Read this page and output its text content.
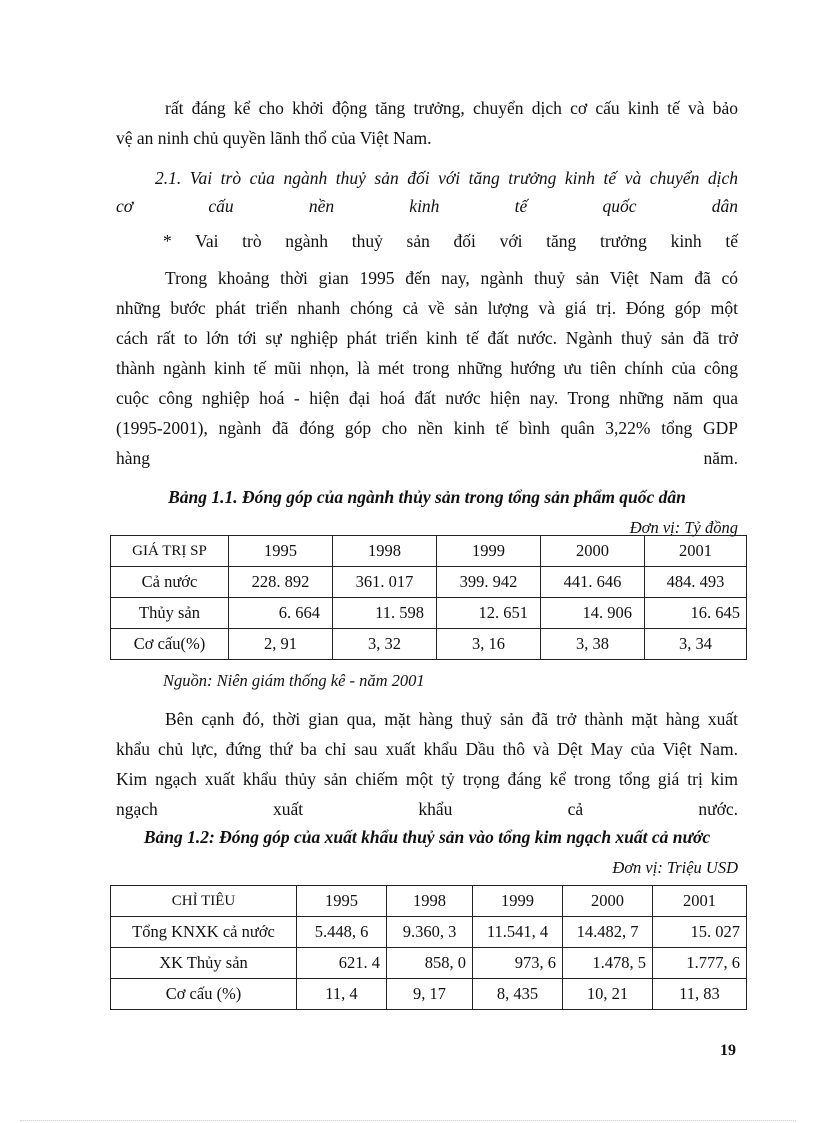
rất đáng kể cho khởi động tăng trưởng, chuyển dịch cơ cấu kinh tế và bảo
vệ an ninh chủ quyền lãnh thổ của Việt Nam.
2.1. Vai trò của ngành thuỷ sản đối với tăng trưởng kinh tế và chuyển dịch
cơ cấu nền kinh tế quốc dân
* Vai trò ngành thuỷ sản đối với tăng trưởng kinh tế
Trong khoảng thời gian 1995 đến nay, ngành thuỷ sản Việt Nam đã có
những bước phát triển nhanh chóng cả về sản lượng và giá trị. Đóng góp một
cách rất to lớn tới sự nghiệp phát triển kinh tế đất nước. Ngành thuỷ sản đã trở
thành ngành kinh tế mũi nhọn, là mét trong những hướng ưu tiên chính của công
cuộc công nghiệp hoá - hiện đại hoá đất nước hiện nay. Trong những năm qua
(1995-2001), ngành đã đóng góp cho nền kinh tế bình quân 3,22% tổng GDP
hàng năm.
Bảng 1.1. Đóng góp của ngành thủy sản trong tổng sản phẩm quốc dân
Đơn vị: Tỷ đồng
GIÁ TRỊ SP	1995	1998	1999	2000	2001
Cả nước	228. 892	361. 017	399. 942	441. 646	484. 493
Thủy sản	6. 664	11. 598	12. 651	14. 906	16. 645
Cơ cấu(%)	2, 91	3, 32	3, 16	3, 38	3, 34
Nguồn: Niên giám thống kê - năm 2001
Bên cạnh đó, thời gian qua, mặt hàng thuỷ sản đã trở thành mặt hàng xuất
khẩu chủ lực, đứng thứ ba chỉ sau xuất khẩu Dầu thô và Dệt May của Việt Nam.
Kim ngạch xuất khẩu thủy sản chiếm một tỷ trọng đáng kể trong tổng giá trị kim
ngạch xuất khẩu cả nước.
Bảng 1.2: Đóng góp của xuất khẩu thuỷ sản vào tổng kim ngạch xuất cả nước
Đơn vị: Triệu USD
CHỈ TIÊU	1995	1998	1999	2000	2001
Tổng KNXK cả nước	5.448, 6	9.360, 3	11.541, 4	14.482, 7	15. 027
XK Thủy sản	621. 4	858, 0	973, 6	1.478, 5	1.777, 6
Cơ cấu (%)	11, 4	9, 17	8, 435	10, 21	11, 83
19
